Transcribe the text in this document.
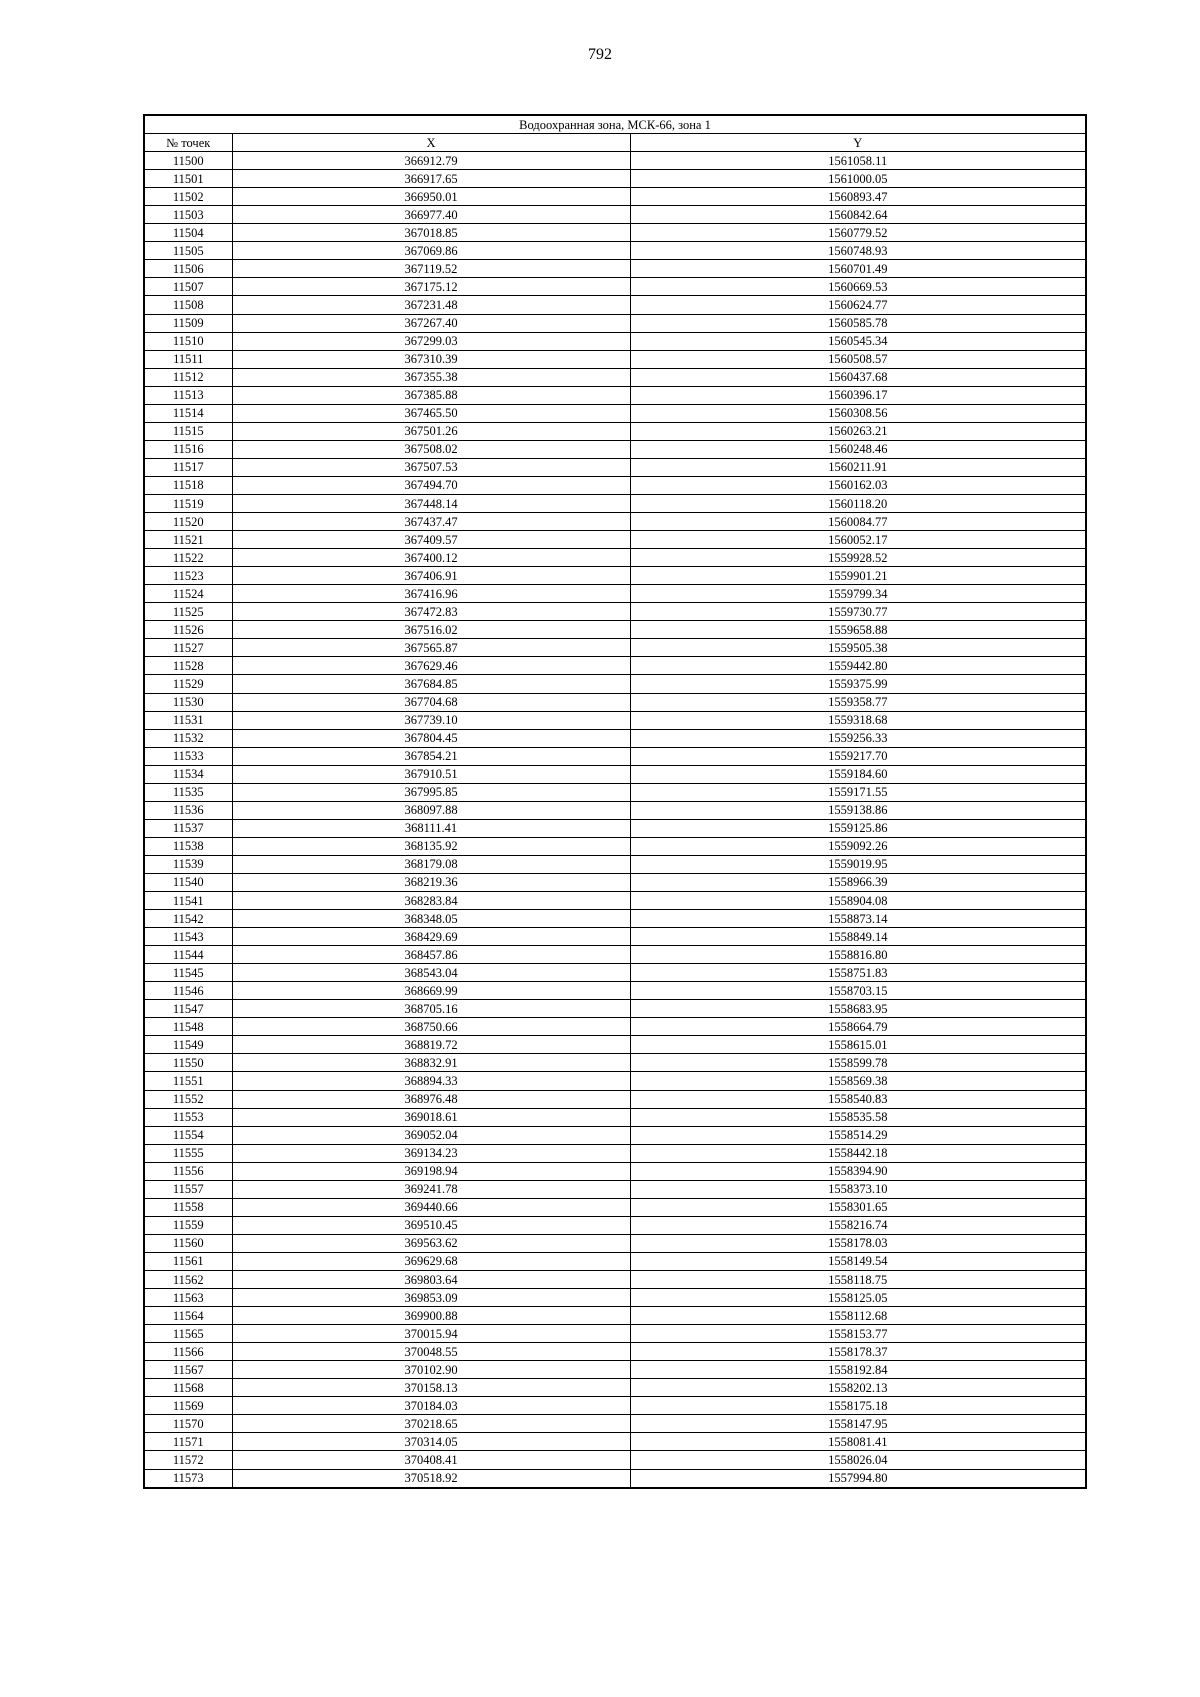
792
Водоохранная зона, МСК-66, зона 1		
№ точек	X	Y
11500	366912.79	1561058.11
11501	366917.65	1561000.05
11502	366950.01	1560893.47
11503	366977.40	1560842.64
11504	367018.85	1560779.52
11505	367069.86	1560748.93
11506	367119.52	1560701.49
11507	367175.12	1560669.53
11508	367231.48	1560624.77
11509	367267.40	1560585.78
11510	367299.03	1560545.34
11511	367310.39	1560508.57
11512	367355.38	1560437.68
11513	367385.88	1560396.17
11514	367465.50	1560308.56
11515	367501.26	1560263.21
11516	367508.02	1560248.46
11517	367507.53	1560211.91
11518	367494.70	1560162.03
11519	367448.14	1560118.20
11520	367437.47	1560084.77
11521	367409.57	1560052.17
11522	367400.12	1559928.52
11523	367406.91	1559901.21
11524	367416.96	1559799.34
11525	367472.83	1559730.77
11526	367516.02	1559658.88
11527	367565.87	1559505.38
11528	367629.46	1559442.80
11529	367684.85	1559375.99
11530	367704.68	1559358.77
11531	367739.10	1559318.68
11532	367804.45	1559256.33
11533	367854.21	1559217.70
11534	367910.51	1559184.60
11535	367995.85	1559171.55
11536	368097.88	1559138.86
11537	368111.41	1559125.86
11538	368135.92	1559092.26
11539	368179.08	1559019.95
11540	368219.36	1558966.39
11541	368283.84	1558904.08
11542	368348.05	1558873.14
11543	368429.69	1558849.14
11544	368457.86	1558816.80
11545	368543.04	1558751.83
11546	368669.99	1558703.15
11547	368705.16	1558683.95
11548	368750.66	1558664.79
11549	368819.72	1558615.01
11550	368832.91	1558599.78
11551	368894.33	1558569.38
11552	368976.48	1558540.83
11553	369018.61	1558535.58
11554	369052.04	1558514.29
11555	369134.23	1558442.18
11556	369198.94	1558394.90
11557	369241.78	1558373.10
11558	369440.66	1558301.65
11559	369510.45	1558216.74
11560	369563.62	1558178.03
11561	369629.68	1558149.54
11562	369803.64	1558118.75
11563	369853.09	1558125.05
11564	369900.88	1558112.68
11565	370015.94	1558153.77
11566	370048.55	1558178.37
11567	370102.90	1558192.84
11568	370158.13	1558202.13
11569	370184.03	1558175.18
11570	370218.65	1558147.95
11571	370314.05	1558081.41
11572	370408.41	1558026.04
11573	370518.92	1557994.80
